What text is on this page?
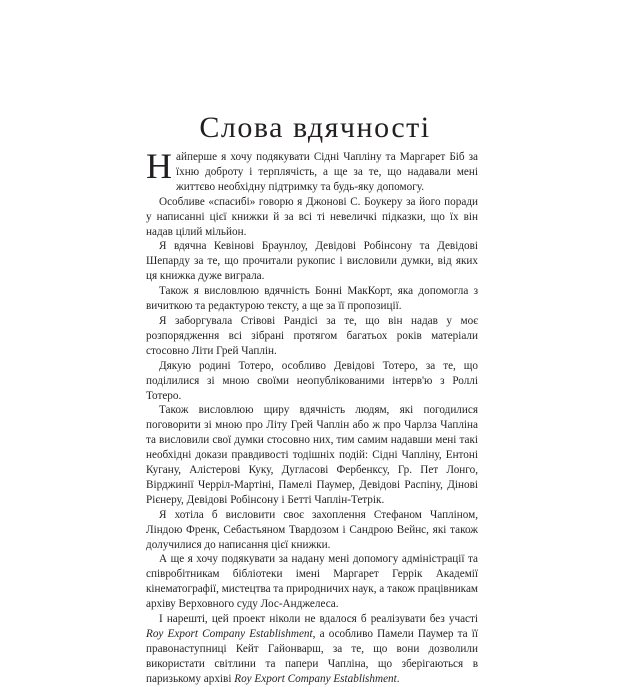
Слова вдячності

Найперше я хочу подякувати Сідні Чапліну та Маргарет Біб за їхню доброту і терплячість, а ще за те, що надавали мені життєво необхідну підтримку та будь-яку допомогу.

Особливе «спасибі» говорю я Джонові С. Боукеру за його поради у написанні цієї книжки й за всі ті невеличкі підказки, що їх він надав цілий мільйон.

Я вдячна Кевінові Браунлоу, Девідові Робінсону та Девідові Шепарду за те, що прочитали рукопис і висловили думки, від яких ця книжка дуже виграла.

Також я висловлюю вдячність Бонні МакКорт, яка допомогла з вичиткою та редактурою тексту, а ще за її пропозиції.

Я заборгувала Стівові Рандісі за те, що він надав у моє розпорядження всі зібрані протягом багатьох років матеріали стосовно Літи Грей Чаплін.

Дякую родині Тотеро, особливо Девідові Тотеро, за те, що поділилися зі мною своїми неопублікованими інтерв'ю з Роллі Тотеро.

Також висловлюю щиру вдячність людям, які погодилися поговорити зі мною про Літу Грей Чаплін або ж про Чарлза Чапліна та висловили свої думки стосовно них, тим самим надавши мені такі необхідні докази правдивості тодішніх подій: Сідні Чапліну, Ентоні Кугану, Алістерові Куку, Дугласові Фербенксу, Гр. Пет Лонго, Вірджинії Черріл-Мартіні, Памелі Паумер, Девідові Распіну, Дінові Рієнеру, Девідові Робінсону і Бетті Чаплін-Тетрік.

Я хотіла б висловити своє захоплення Стефаном Чапліном, Ліндою Френк, Себастьяном Твардозом і Сандрою Вейнс, які також долучилися до написання цієї книжки.

А ще я хочу подякувати за надану мені допомогу адміністрації та співробітникам бібліотеки імені Маргарет Геррік Академії кінематографії, мистецтва та природничих наук, а також працівникам архіву Верховного суду Лос-Анджелеса.

І нарешті, цей проект ніколи не вдалося б реалізувати без участі Roy Export Company Establishment, а особливо Памели Паумер та її правонаступниці Кейт Гайонварш, за те, що вони дозволили використати світлини та папери Чапліна, що зберігаються в паризькому архіві Roy Export Company Establishment.
